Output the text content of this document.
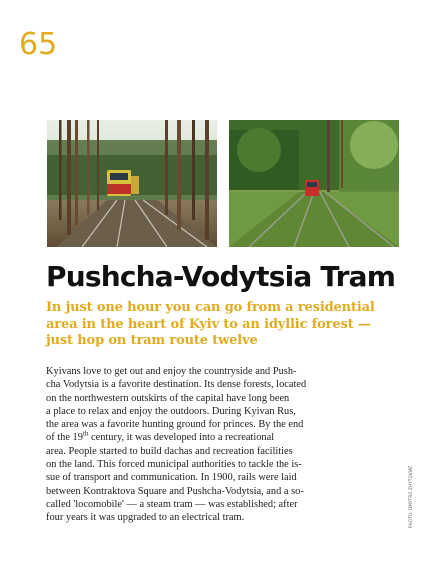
65
Pushcha-Vodytsia Tram
In just one hour you can go from a residential
area in the heart of Kyiv to an idyllic forest —
just hop on tram route twelve
Kyivans love to get out and enjoy the countryside and Push-
cha Vodytsia is a favorite destination. Its dense forests, located
on the northwestern outskirts of the capital have long been
a place to relax and enjoy the outdoors. During Kyivan Rus,
the area was a favorite hunting ground for princes. By the end
of the 19th century, it was developed into a recreational
area. People started to build dachas and recreation facilities
on the land. This forced municipal authorities to tackle the is-
sue of transport and communication. In 1900, rails were laid
between Kontraktova Square and Pushcha-Vodytsia, and a so-
called 'locomobile' — a steam tram — was established; after
four years it was upgraded to an electrical tram.	PHOTO: DMYTRO ZHYTOVIAT
